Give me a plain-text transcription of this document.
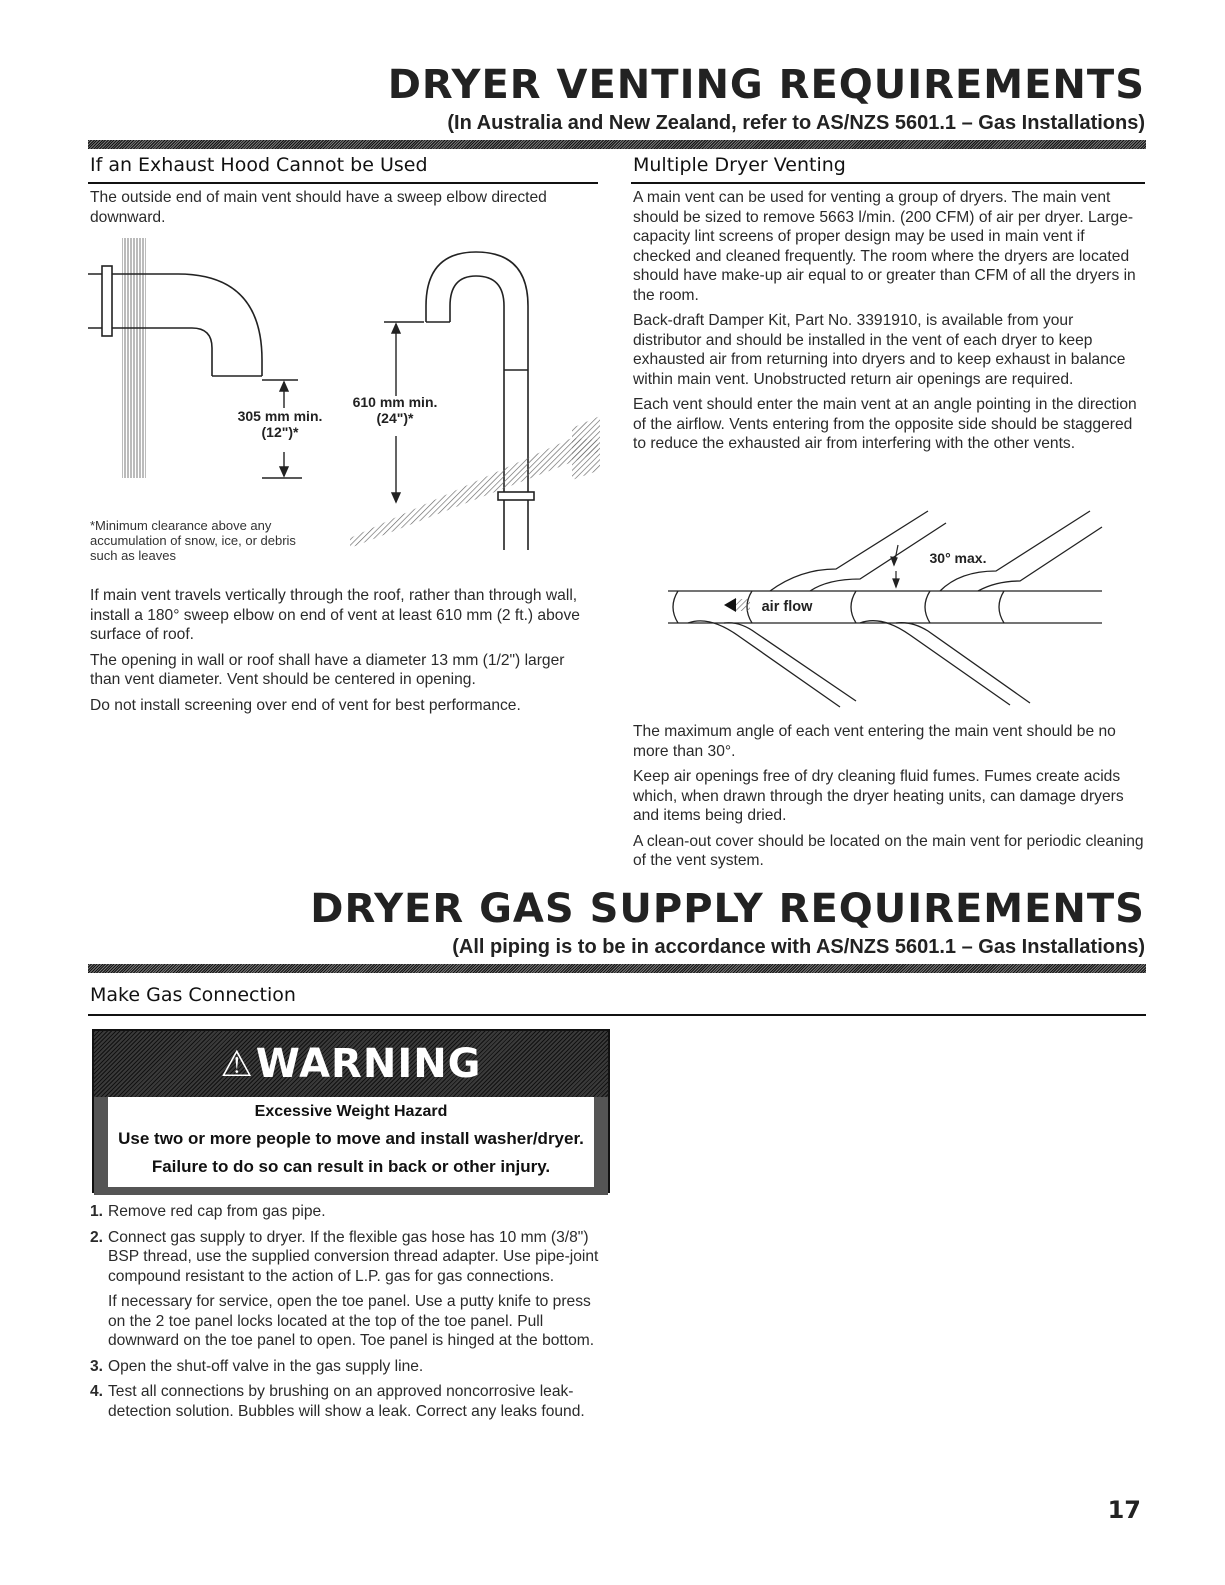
DRYER VENTING REQUIREMENTS
(In Australia and New Zealand, refer to AS/NZS 5601.1 – Gas Installations)
If an Exhaust Hood Cannot be Used
The outside end of main vent should have a sweep elbow directed downward.
305 mm min.
(12")*
610 mm min.
(24")*
*Minimum clearance above any accumulation of snow, ice, or debris such as leaves

If main vent travels vertically through the roof, rather than through wall, install a 180° sweep elbow on end of vent at least 610 mm (2 ft.) above surface of roof.

The opening in wall or roof shall have a diameter 13 mm (1/2") larger than vent diameter. Vent should be centered in opening.

Do not install screening over end of vent for best performance.

Multiple Dryer Venting

A main vent can be used for venting a group of dryers. The main vent should be sized to remove 5663 l/min. (200 CFM) of air per dryer. Large-capacity lint screens of proper design may be used in main vent if checked and cleaned frequently. The room where the dryers are located should have make-up air equal to or greater than CFM of all the dryers in the room.

Back-draft Damper Kit, Part No. 3391910, is available from your distributor and should be installed in the vent of each dryer to keep exhausted air from returning into dryers and to keep exhaust in balance within main vent. Unobstructed return air openings are required.

Each vent should enter the main vent at an angle pointing in the direction of the airflow. Vents entering from the opposite side should be staggered to reduce the exhausted air from interfering with the other vents.

30° max.
air flow

The maximum angle of each vent entering the main vent should be no more than 30°.

Keep air openings free of dry cleaning fluid fumes. Fumes create acids which, when drawn through the dryer heating units, can damage dryers and items being dried.

A clean-out cover should be located on the main vent for periodic cleaning of the vent system.

DRYER GAS SUPPLY REQUIREMENTS
(All piping is to be in accordance with AS/NZS 5601.1 – Gas Installations)
Make Gas Connection
⚠ WARNING
Excessive Weight Hazard
Use two or more people to move and install washer/dryer.
Failure to do so can result in back or other injury.
1. Remove red cap from gas pipe.
2. Connect gas supply to dryer. If the flexible gas hose has 10 mm (3/8") BSP thread, use the supplied conversion thread adapter. Use pipe-joint compound resistant to the action of L.P. gas for gas connections.
If necessary for service, open the toe panel. Use a putty knife to press on the 2 toe panel locks located at the top of the toe panel. Pull downward on the toe panel to open. Toe panel is hinged at the bottom.
3. Open the shut-off valve in the gas supply line.
4. Test all connections by brushing on an approved noncorrosive leak-detection solution. Bubbles will show a leak. Correct any leaks found.
17
